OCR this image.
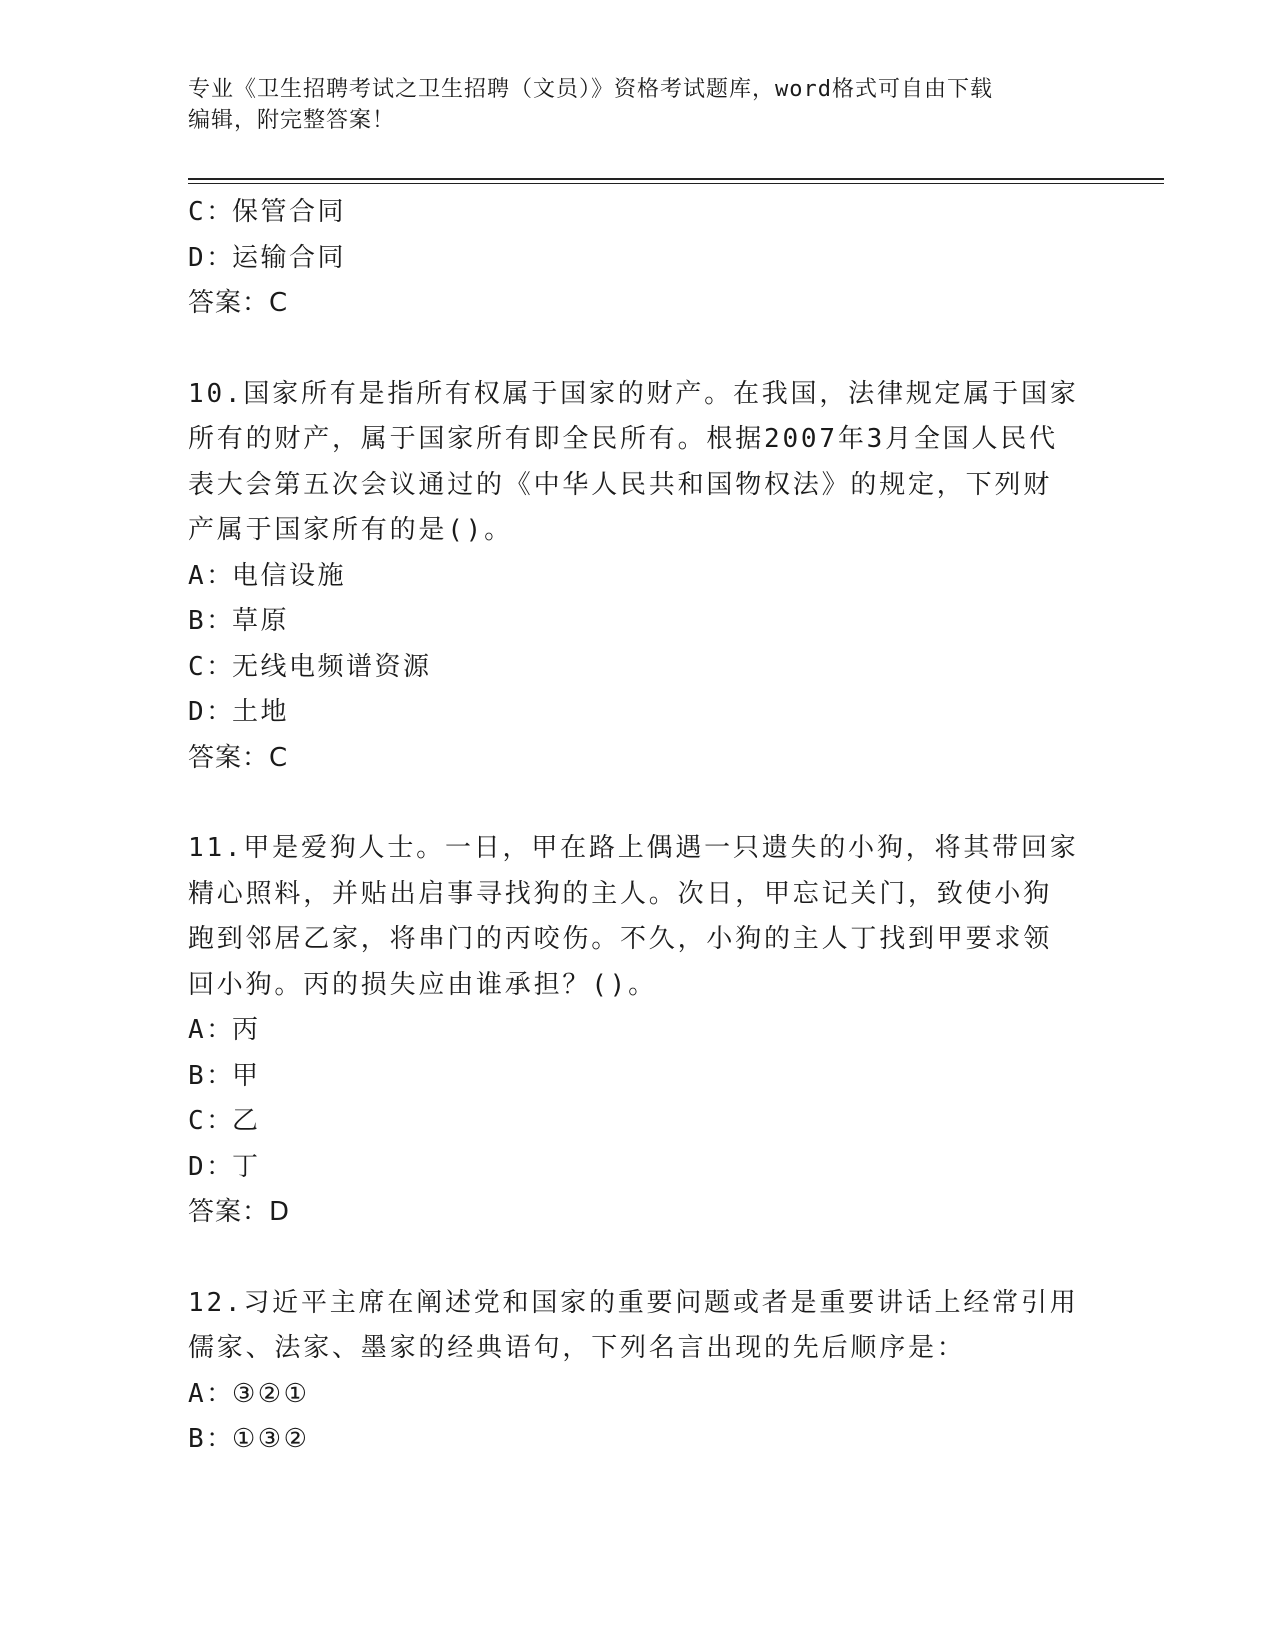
专业《卫生招聘考试之卫生招聘（文员）》资格考试题库，word格式可自由下载
编辑，附完整答案！
C：保管合同
D：运输合同
答案：C
10.国家所有是指所有权属于国家的财产。在我国，法律规定属于国家
所有的财产，属于国家所有即全民所有。根据2007年3月全国人民代
表大会第五次会议通过的《中华人民共和国物权法》的规定，下列财
产属于国家所有的是()。
A：电信设施
B：草原
C：无线电频谱资源
D：土地
答案：C
11.甲是爱狗人士。一日，甲在路上偶遇一只遗失的小狗，将其带回家
精心照料，并贴出启事寻找狗的主人。次日，甲忘记关门，致使小狗
跑到邻居乙家，将串门的丙咬伤。不久，小狗的主人丁找到甲要求领
回小狗。丙的损失应由谁承担？()。
A：丙
B：甲
C：乙
D：丁
答案：D
12.习近平主席在阐述党和国家的重要问题或者是重要讲话上经常引用
儒家、法家、墨家的经典语句，下列名言出现的先后顺序是：
A：③②①
B：①③②
